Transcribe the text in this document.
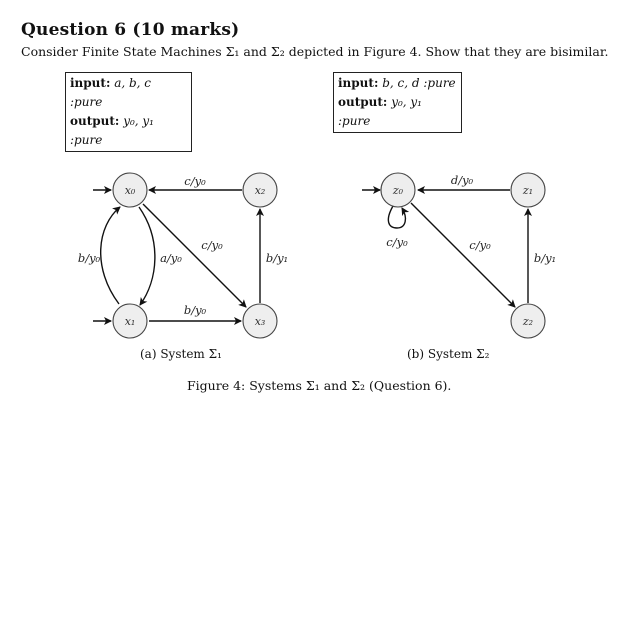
Question 6 (10 marks)
Consider Finite State Machines Σ₁ and Σ₂ depicted in Figure 4. Show that they are bisimilar.
input: a, b, c :pure
output: y₀, y₁ :pure
input: b, c, d :pure
output: y₀, y₁ :pure
x₀
x₁
x₂
x₃
c/y₀
c/y₀
b/y₀	a/y₀
b/y₀
b/y₁
z₀	z₁
z₂
d/y₀
c/y₀	c/y₀
b/y₁
(a) System Σ₁	(b) System Σ₂
Figure 4: Systems Σ₁ and Σ₂ (Question 6).
